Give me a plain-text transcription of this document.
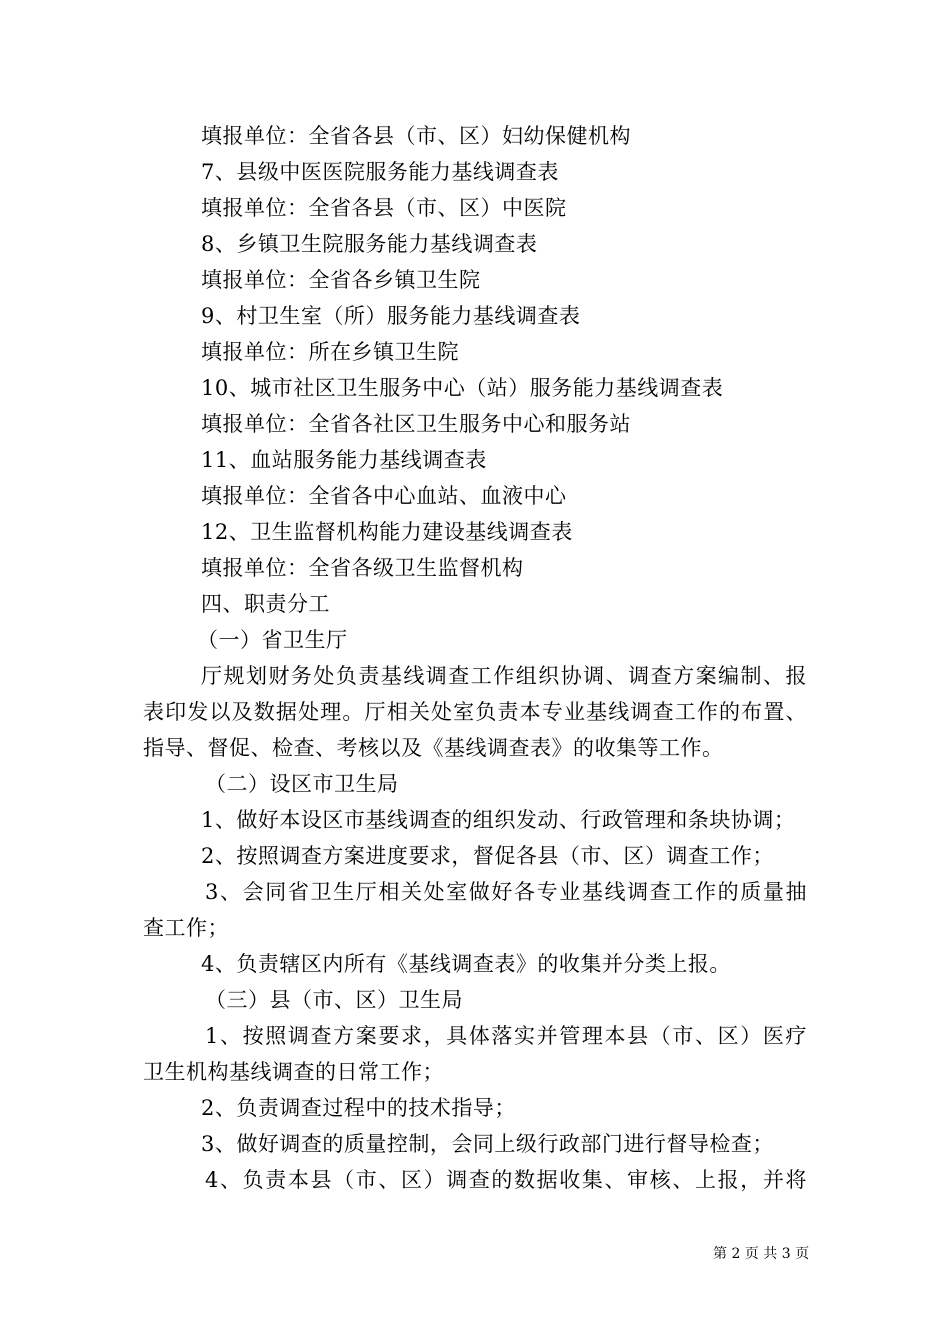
填报单位：全省各县（市、区）妇幼保健机构
7、县级中医医院服务能力基线调查表
填报单位：全省各县（市、区）中医院
8、乡镇卫生院服务能力基线调查表
填报单位：全省各乡镇卫生院
9、村卫生室（所）服务能力基线调查表
填报单位：所在乡镇卫生院
10、城市社区卫生服务中心（站）服务能力基线调查表
填报单位：全省各社区卫生服务中心和服务站
11、血站服务能力基线调查表
填报单位：全省各中心血站、血液中心
12、卫生监督机构能力建设基线调查表
填报单位：全省各级卫生监督机构
四、职责分工
（一）省卫生厅
厅规划财务处负责基线调查工作组织协调、调查方案编制、报
表印发以及数据处理。厅相关处室负责本专业基线调查工作的布置、
指导、督促、检查、考核以及《基线调查表》的收集等工作。
（二）设区市卫生局
1、做好本设区市基线调查的组织发动、行政管理和条块协调；
2、按照调查方案进度要求，督促各县（市、区）调查工作；
3、会同省卫生厅相关处室做好各专业基线调查工作的质量抽
查工作；
4、负责辖区内所有《基线调查表》的收集并分类上报。
（三）县（市、区）卫生局
1、按照调查方案要求，具体落实并管理本县（市、区）医疗
卫生机构基线调查的日常工作；
2、负责调查过程中的技术指导；
3、做好调查的质量控制，会同上级行政部门进行督导检查；
4、负责本县（市、区）调查的数据收集、审核、上报，并将
第 2 页 共 3 页
